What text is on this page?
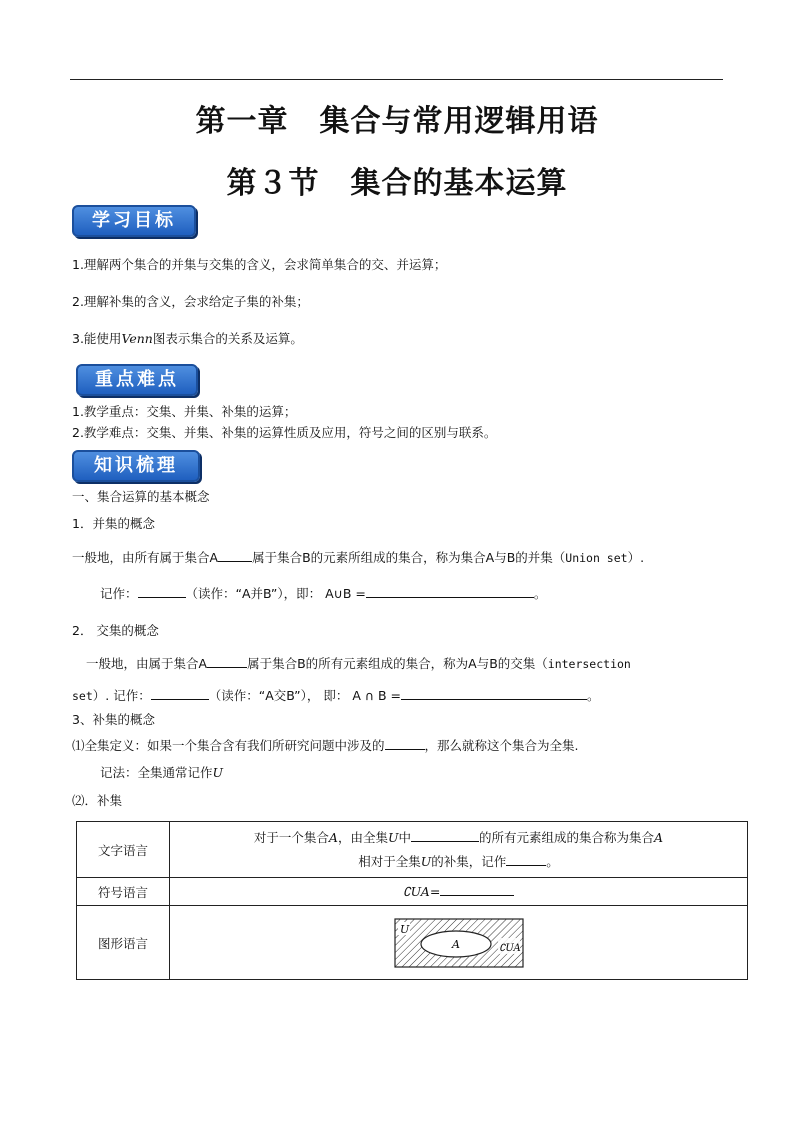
第一章　集合与常用逻辑用语
第３节　集合的基本运算
学习目标
1.理解两个集合的并集与交集的含义，会求简单集合的交、并运算；
2.理解补集的含义，会求给定子集的补集；
3.能使用Venn图表示集合的关系及运算。
重点难点
1.教学重点：交集、并集、补集的运算；
2.教学难点：交集、并集、补集的运算性质及应用，符号之间的区别与联系。
知识梳理
一、集合运算的基本概念
1．并集的概念
一般地，由所有属于集合A	属于集合B的元素所组成的集合，称为集合A与B的并集（Union set）.
记作：	（读作：“A并B”），即： A∪B =	。
2． 交集的概念
一般地，由属于集合A	属于集合B的所有元素组成的集合，称为A与B的交集（intersection
set）. 记作：	（读作：“A交B”）， 即： A ∩ B =	。
3、补集的概念
⑴全集定义：如果一个集合含有我们所研究问题中涉及的	，那么就称这个集合为全集.
记法：全集通常记作U
⑵．补集
文字语言	对于一个集合A，由全集U中 的所有元素组成的集合称为集合A
相对于全集U的补集，记作 。

符号语言	∁UA=
图形语言	U
A ∁UA
